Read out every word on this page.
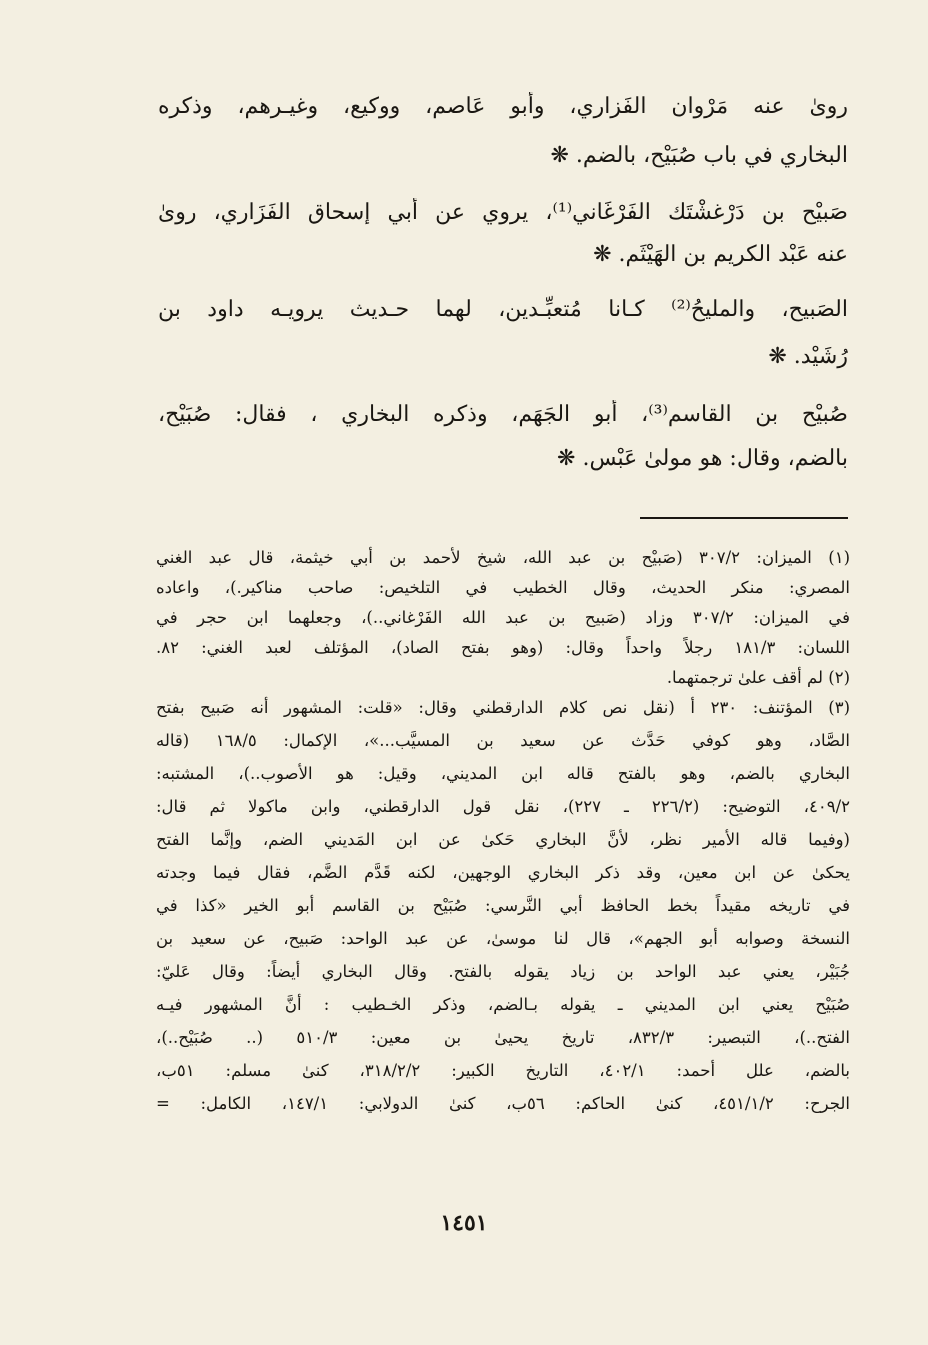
روىٰ عنه مَرْوان الفَزاري، وأبو عَاصم، ووكيع، وغيـرهم، وذكره
البخاري في باب صُبَيْح، بالضم. ❋
صَبيْح بن دَرْغشْتَك الفَرْغَاني⁽¹⁾، يروي عن أَبي إسحاق الفَزَاري، روىٰ
عنه عَبْد الكريم بن الهَيْثَم. ❋
الصَبيح، والمليحُ⁽²⁾ كـانا مُتعبِّـدين، لهما حـديث يرويـه داود بن
رُشَيْد. ❋
صُبيْح بن القاسم⁽³⁾، أبو الجَهَم، وذكره البخاري ، فقال: صُبَيْح،
بالضم، وقال: هو مولىٰ عَبْس. ❋
(١) الميزان: ٣٠٧/٢ (صَبيْح بن عبد الله، شيخ لأحمد بن أبي خيثمة، قال عبد الغني
المصري: منكر الحديث، وقال الخطيب في التلخيص: صاحب مناكير.)، واعاده
في الميزان: ٣٠٧/٢ وزاد (صَبيح بن عبد الله الفَرْغاني..)، وجعلهما ابن حجر في
اللسان: ١٨١/٣ رجلاً واحداً وقال: (وهو بفتح الصاد)، المؤتلف لعبد الغني: ٨٢.
(٢) لم أقف علىٰ ترجمتهما.
(٣) المؤتنف: ٢٣٠ أ (نقل نص كلام الدارقطني وقال: «قلت: المشهور أنه صَبيح بفتح
الصَّاد، وهو كوفي حَدَّث عن سعيد بن المسيَّب...»، الإكمال: ١٦٨/٥ (قاله
البخاري بالضم، وهو بالفتح قاله ابن المديني، وقيل: هو الأصوب..)، المشتبه:
٤٠٩/٢، التوضيح: (٢٢٦/٢ ـ ٢٢٧)، نقل قول الدارقطني، وابن ماكولا ثم قال:
(وفيما قاله الأمير نظر، لأنَّ البخاري حَكىٰ عن ابن المَديني الضم، وإنَّما الفتح
يحكىٰ عن ابن معين، وقد ذكر البخاري الوجهين، لكنه قَدَّم الضَّم، فقال فيما وجدته
في تاريخه مقيداً بخط الحافظ أَبي النَّرسي: صُبَيْح بن القاسم أبو الخير «كذا في
النسخة وصوابه أبو الجهم»، قال لنا موسىٰ، عن عبد الواحد: صَبيح، عن سعيد بن
جُبَيْر، يعني عبد الواحد بن زياد يقوله بالفتح. وقال البخاري أيضاً: وقال عَليّ:
صُبَيْح يعني ابن المديني ـ يقوله بـالضم، وذكر الخـطيب : أنَّ المشهور فيـه
الفتح..)، التبصير: ٨٣٢/٣، تاريخ يحيىٰ بن معين: ٥١٠/٣ (.. صُبَيْح..)،
بالضم، علل أحمد: ٤٠٢/١، التاريخ الكبير: ٣١٨/٢/٢، كنىٰ مسلم: ٥١ب،
الجرح: ٤٥١/١/٢، كنىٰ الحاكم: ٥٦ب، كنىٰ الدولابي: ١٤٧/١، الكامل: =
١٤٥١
